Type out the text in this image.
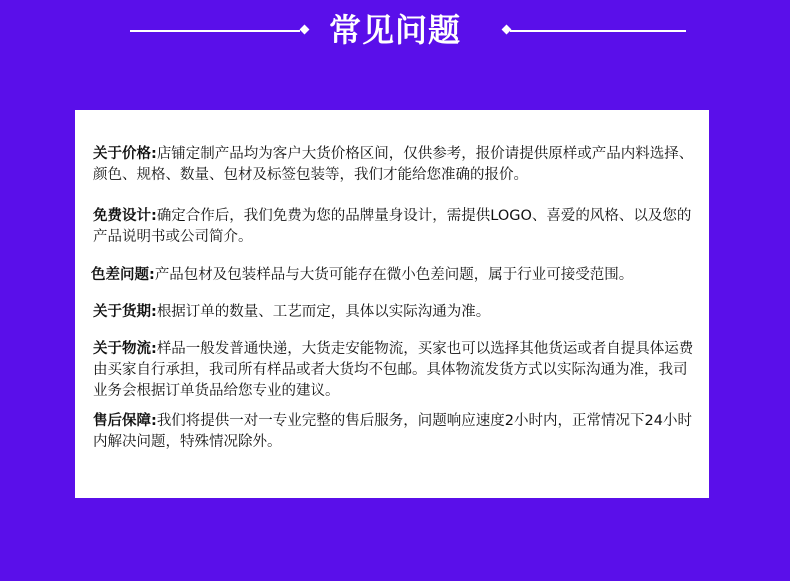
常见问题
关于价格:店铺定制产品均为客户大货价格区间，仅供参考，报价请提供原样或产品内料选择、颜色、规格、数量、包材及标签包装等，我们才能给您准确的报价。
免费设计:确定合作后，我们免费为您的品牌量身设计，需提供LOGO、喜爱的风格、以及您的产品说明书或公司简介。
色差问题:产品包材及包装样品与大货可能存在微小色差问题，属于行业可接受范围。
关于货期:根据订单的数量、工艺而定，具体以实际沟通为准。
关于物流:样品一般发普通快递，大货走安能物流，买家也可以选择其他货运或者自提具体运费由买家自行承担，我司所有样品或者大货均不包邮。具体物流发货方式以实际沟通为准，我司业务会根据订单货品给您专业的建议。
售后保障:我们将提供一对一专业完整的售后服务，问题响应速度2小时内，正常情况下24小时内解决问题，特殊情况除外。
